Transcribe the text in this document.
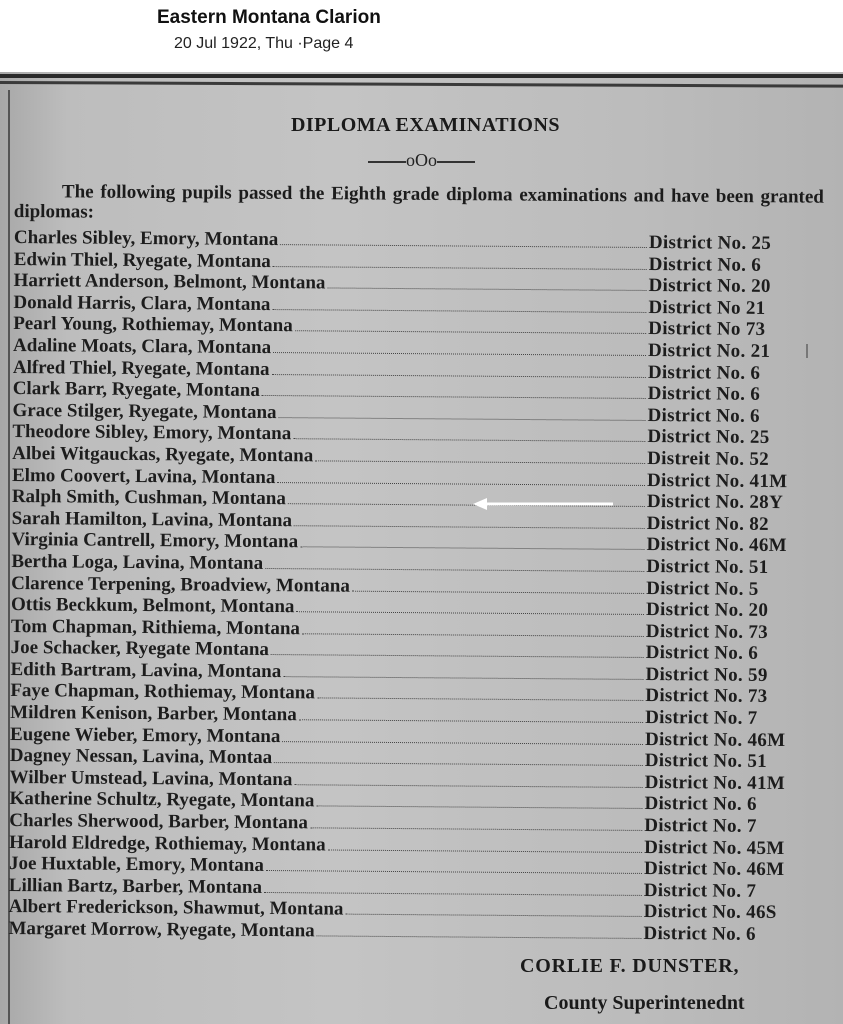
Eastern Montana Clarion
20 Jul 1922, Thu ·Page 4
DIPLOMA EXAMINATIONS
oOo
The following pupils passed the Eighth grade diploma examinations and have been granted diplomas:
Charles Sibley, Emory, Montana	District No. 25
Edwin Thiel, Ryegate, Montana	District No. 6
Harriett Anderson, Belmont, Montana	District No. 20
Donald Harris, Clara, Montana	District No 21
Pearl Young, Rothiemay, Montana	District No 73
Adaline Moats, Clara, Montana	District No. 21
Alfred Thiel, Ryegate, Montana	District No. 6
Clark Barr, Ryegate, Montana	District No. 6
Grace Stilger, Ryegate, Montana	District No. 6
Theodore Sibley, Emory, Montana	District No. 25
Albei Witgauckas, Ryegate, Montana	Distreit No. 52
Elmo Coovert, Lavina, Montana	District No. 41M
Ralph Smith, Cushman, Montana	District No. 28Y
Sarah Hamilton, Lavina, Montana	District No. 82
Virginia Cantrell, Emory, Montana	District No. 46M
Bertha Loga, Lavina, Montana	District No. 51
Clarence Terpening, Broadview, Montana	District No. 5
Ottis Beckkum, Belmont, Montana	District No. 20
Tom Chapman, Rithiema, Montana	District No. 73
Joe Schacker, Ryegate Montana	District No. 6
Edith Bartram, Lavina, Montana	District No. 59
Faye Chapman, Rothiemay, Montana	District No. 73
Mildren Kenison, Barber, Montana	District No. 7
Eugene Wieber, Emory, Montana	District No. 46M
Dagney Nessan, Lavina, Montaa	District No. 51
Wilber Umstead, Lavina, Montana	District No. 41M
Katherine Schultz, Ryegate, Montana	District No. 6
Charles Sherwood, Barber, Montana	District No. 7
Harold Eldredge, Rothiemay, Montana	District No. 45M
Joe Huxtable, Emory, Montana	District No. 46M
Lillian Bartz, Barber, Montana	District No. 7
Albert Frederickson, Shawmut, Montana	District No. 46S
Margaret Morrow, Ryegate, Montana	District No. 6
CORLIE F. DUNSTER,
County Superintenednt
